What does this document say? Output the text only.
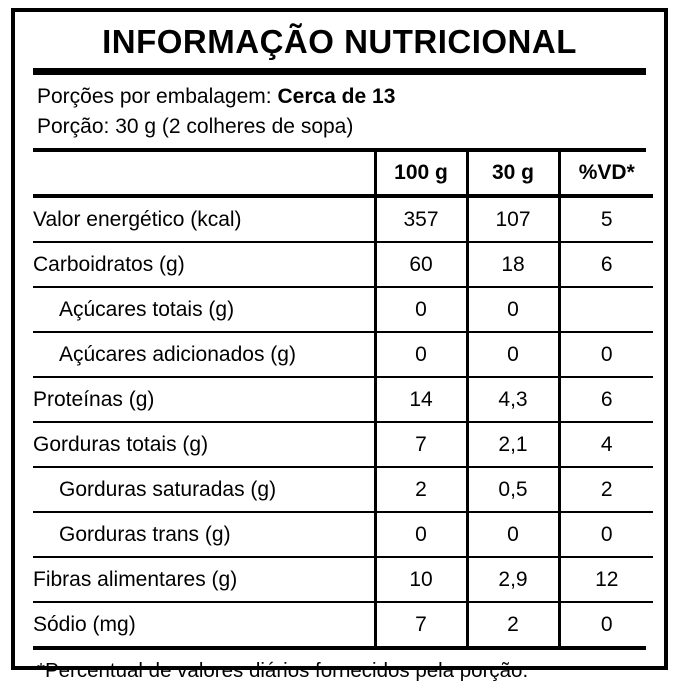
INFORMAÇÃO NUTRICIONAL
Porções por embalagem: Cerca de 13
Porção: 30 g (2 colheres de sopa)
	100 g	30 g	%VD*
Valor energético (kcal)	357	107	5
Carboidratos (g)	60	18	6
Açúcares totais (g)	0	0	
Açúcares adicionados (g)	0	0	0
Proteínas (g)	14	4,3	6
Gorduras totais (g)	7	2,1	4
Gorduras saturadas (g)	2	0,5	2
Gorduras trans (g)	0	0	0
Fibras alimentares (g)	10	2,9	12
Sódio (mg)	7	2	0
*Percentual de valores diários fornecidos pela porção.
